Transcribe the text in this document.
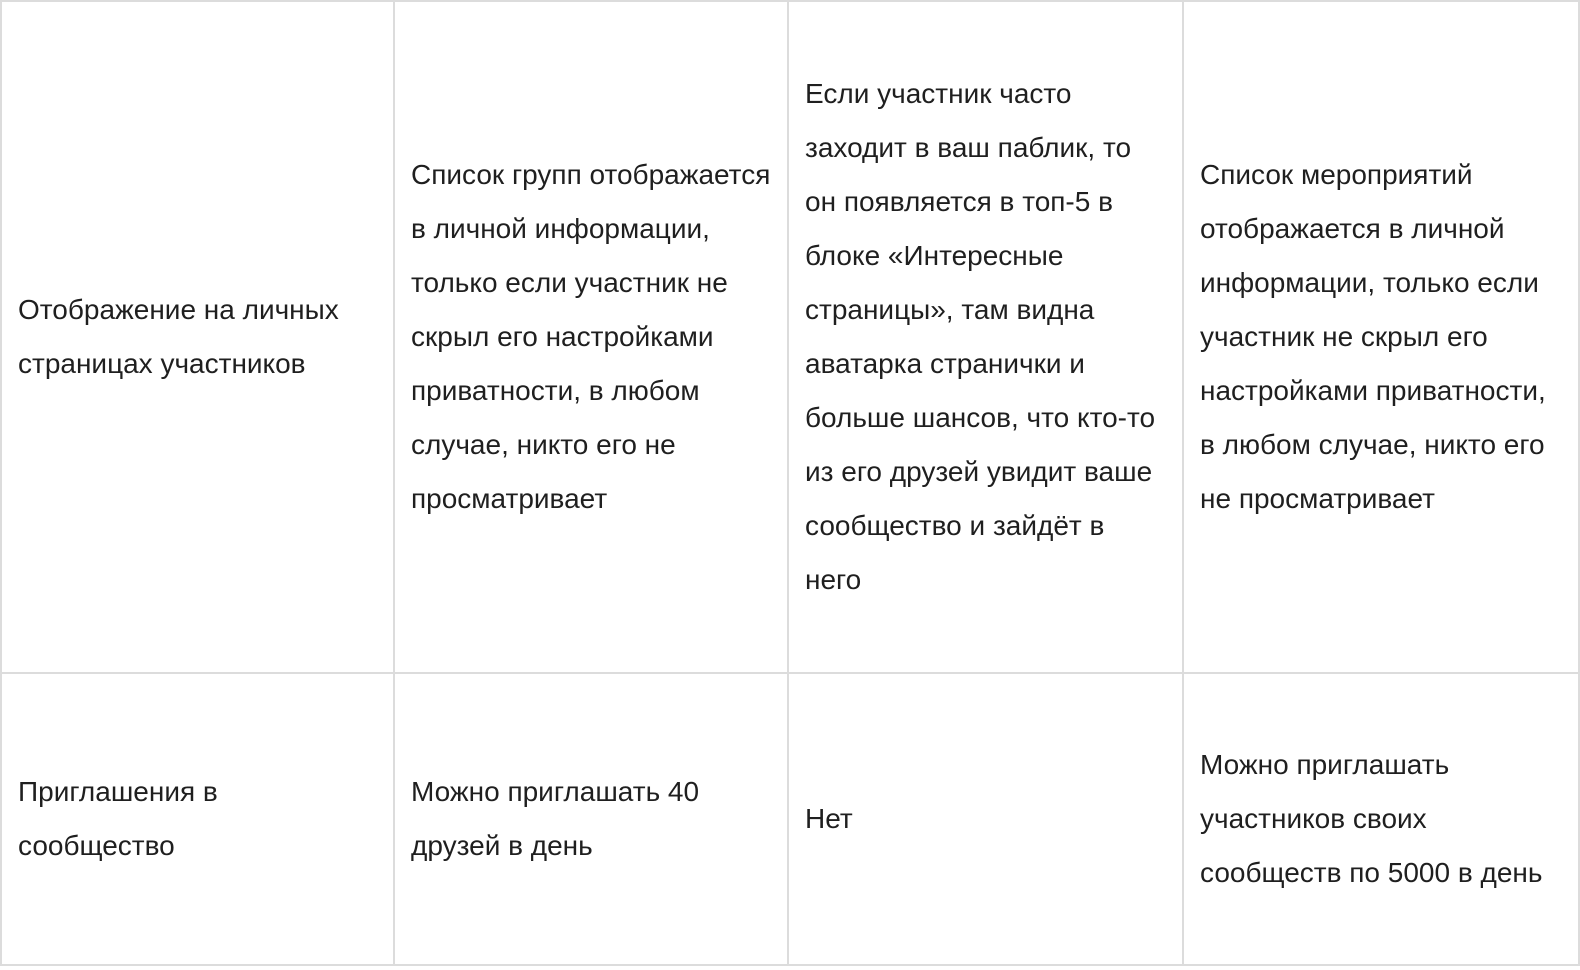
Отображение на личных страницах участников	Список групп отображается в личной информации, только если участник не скрыл его настройками приватности, в любом случае, никто его не просматривает	Если участник часто заходит в ваш паблик, то он появляется в топ-5 в блоке «Интересные страницы», там видна аватарка странички и больше шансов, что кто-то из его друзей увидит ваше сообщество и зайдёт в него	Список мероприятий отображается в личной информации, только если участник не скрыл его настройками приватности, в любом случае, никто его не просматривает

Приглашения в сообщество	Можно приглашать 40 друзей в день	Нет	Можно приглашать участников своих сообществ по 5000 в день
